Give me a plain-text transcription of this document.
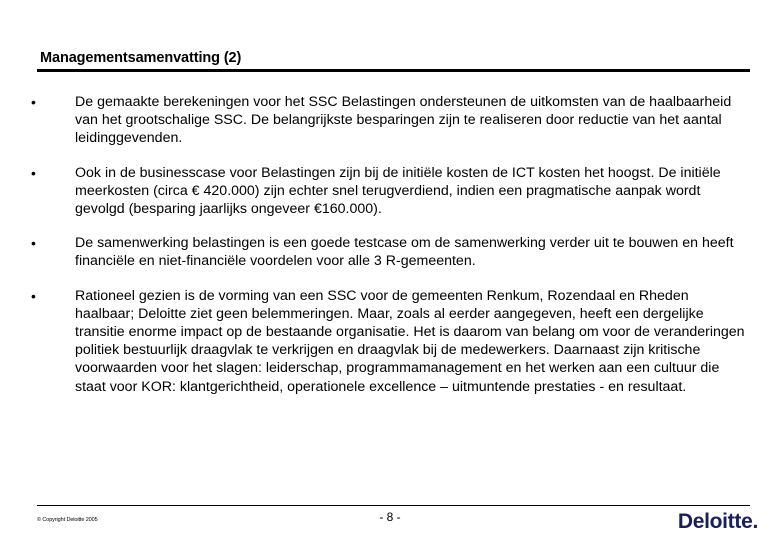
Managementsamenvatting (2)
•	De gemaakte berekeningen voor het SSC Belastingen ondersteunen de uitkomsten van de haalbaarheid van het grootschalige SSC. De belangrijkste besparingen zijn te realiseren door reductie van het aantal leidinggevenden.
•	Ook in de businesscase voor Belastingen zijn bij de initiële kosten de ICT kosten het hoogst. De initiële meerkosten (circa € 420.000) zijn echter snel terugverdiend, indien een pragmatische aanpak wordt gevolgd (besparing jaarlijks ongeveer €160.000).
•	De samenwerking belastingen is een goede testcase om de samenwerking verder uit te bouwen en heeft financiële en niet-financiële voordelen voor alle 3 R-gemeenten.
•	Rationeel gezien is de vorming van een SSC voor de gemeenten Renkum, Rozendaal en Rheden haalbaar; Deloitte ziet geen belemmeringen. Maar, zoals al eerder aangegeven, heeft een dergelijke transitie enorme impact op de bestaande organisatie. Het is daarom van belang om voor de veranderingen politiek bestuurlijk draagvlak te verkrijgen en draagvlak bij de medewerkers. Daarnaast zijn kritische voorwaarden voor het slagen: leiderschap, programmamanagement en het werken aan een cultuur die staat voor KOR: klantgerichtheid, operationele excellence – uitmuntende prestaties - en resultaat.
© Copyright Deloitte 2005	- 8 -	Deloitte.
